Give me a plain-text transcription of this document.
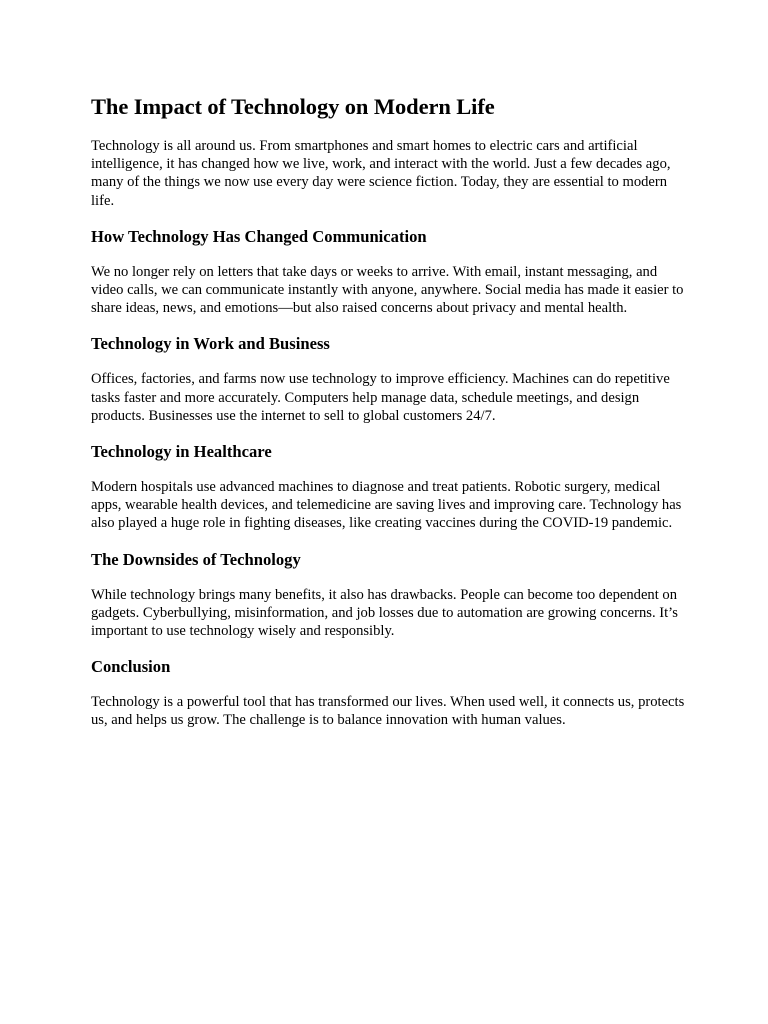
The Impact of Technology on Modern Life

Technology is all around us. From smartphones and smart homes to electric cars and artificial intelligence, it has changed how we live, work, and interact with the world. Just a few decades ago, many of the things we now use every day were science fiction. Today, they are essential to modern life.

How Technology Has Changed Communication

We no longer rely on letters that take days or weeks to arrive. With email, instant messaging, and video calls, we can communicate instantly with anyone, anywhere. Social media has made it easier to share ideas, news, and emotions—but also raised concerns about privacy and mental health.

Technology in Work and Business

Offices, factories, and farms now use technology to improve efficiency. Machines can do repetitive tasks faster and more accurately. Computers help manage data, schedule meetings, and design products. Businesses use the internet to sell to global customers 24/7.

Technology in Healthcare

Modern hospitals use advanced machines to diagnose and treat patients. Robotic surgery, medical apps, wearable health devices, and telemedicine are saving lives and improving care. Technology has also played a huge role in fighting diseases, like creating vaccines during the COVID-19 pandemic.

The Downsides of Technology

While technology brings many benefits, it also has drawbacks. People can become too dependent on gadgets. Cyberbullying, misinformation, and job losses due to automation are growing concerns. It’s important to use technology wisely and responsibly.

Conclusion

Technology is a powerful tool that has transformed our lives. When used well, it connects us, protects us, and helps us grow. The challenge is to balance innovation with human values.
